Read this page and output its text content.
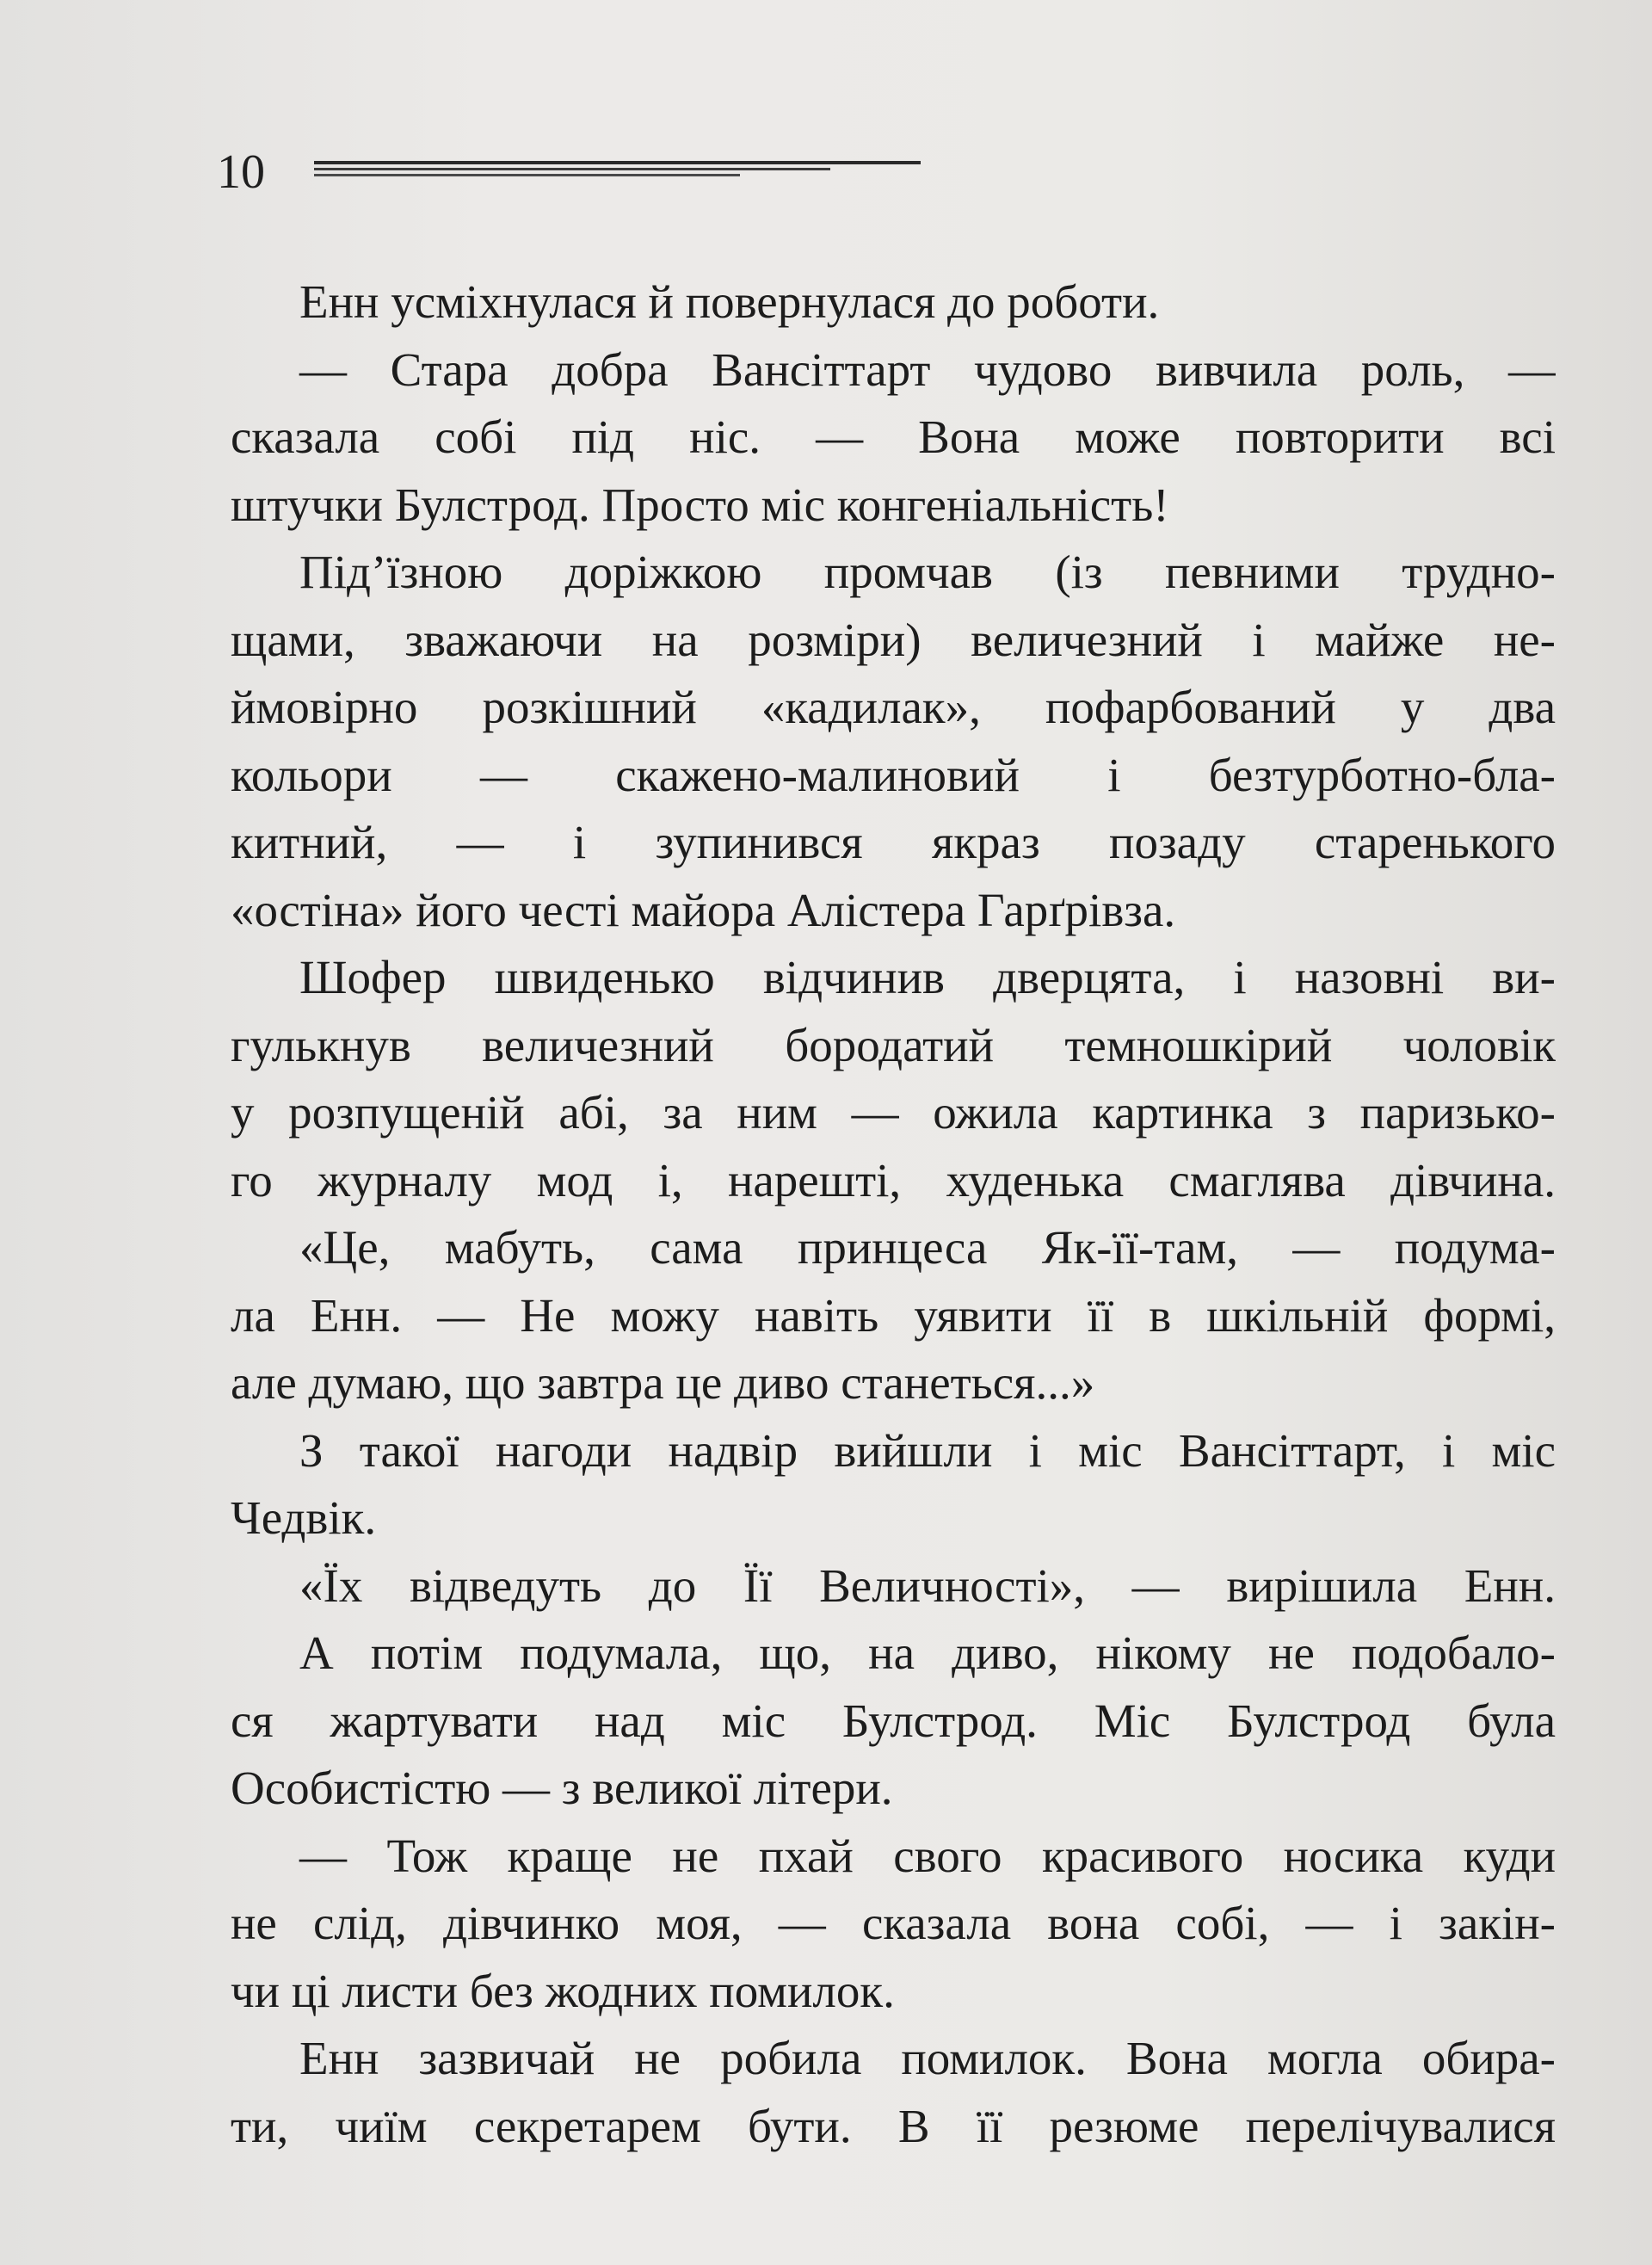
10
Енн усміхнулася й повернулася до роботи.
— Стара добра Вансіттарт чудово вивчила роль, —
сказала собі під ніс. — Вона може повторити всі
штучки Булстрод. Просто міс конгеніальність!
Під’їзною доріжкою промчав (із певними трудно-
щами, зважаючи на розміри) величезний і майже не-
ймовірно розкішний «кадилак», пофарбований у два
кольори — скажено-малиновий і безтурботно-бла-
китний, — і зупинився якраз позаду старенького
«остіна» його честі майора Алістера Гарґрівза.
Шофер швиденько відчинив дверцята, і назовні ви-
гулькнув величезний бородатий темношкірий чоловік
у розпущеній абі, за ним — ожила картинка з паризько-
го журналу мод і, нарешті, худенька смаглява дівчина.
«Це, мабуть, сама принцеса Як-її-там, — подума-
ла Енн. — Не можу навіть уявити її в шкільній формі,
але думаю, що завтра це диво станеться...»
З такої нагоди надвір вийшли і міс Вансіттарт, і міс
Чедвік.
«Їх відведуть до Її Величності», — вирішила Енн.
А потім подумала, що, на диво, нікому не подобало-
ся жартувати над міс Булстрод. Міс Булстрод була
Особистістю — з великої літери.
— Тож краще не пхай свого красивого носика куди
не слід, дівчинко моя, — сказала вона собі, — і закін-
чи ці листи без жодних помилок.
Енн зазвичай не робила помилок. Вона могла обира-
ти, чиїм секретарем бути. В її резюме перелічувалися
